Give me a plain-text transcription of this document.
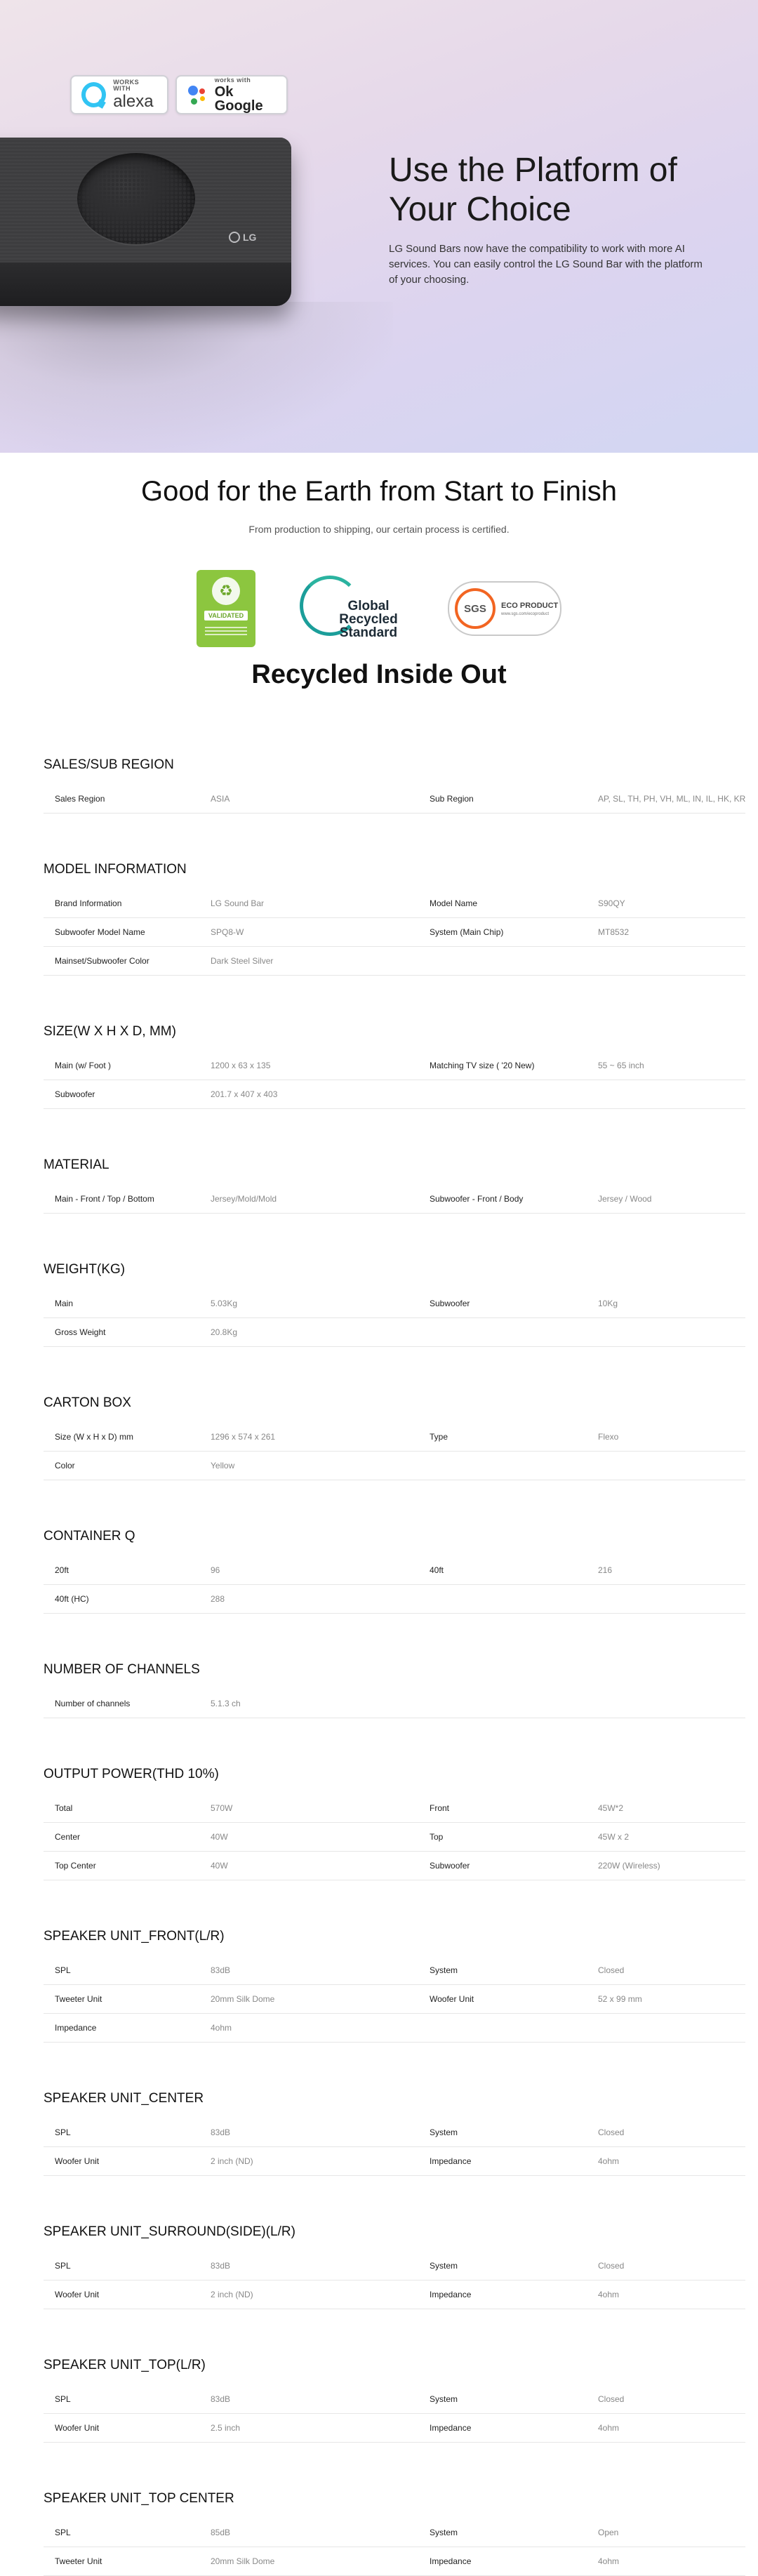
WORKS WITH
alexa
works with
Ok Google
LG
Use the Platform of Your Choice

LG Sound Bars now have the compatibility to work with more AI services. You can easily control the LG Sound Bar with the platform of your choosing.

Good for the Earth from Start to Finish

From production to shipping, our certain process is certified.

♻
VALIDATED
Global Recycled
Standard
SGS	ECO PRODUCT
www.sgs.com/ecoproduct
Recycled Inside Out
SALES/SUB REGION
Sales Region	ASIA	Sub Region	AP, SL, TH, PH, VH, ML, IN, IL, HK, KR
MODEL INFORMATION
Brand Information	LG Sound Bar	Model Name	S90QY
Subwoofer Model Name	SPQ8-W	System (Main Chip)	MT8532
Mainset/Subwoofer Color	Dark Steel Silver
SIZE(W X H X D, MM)
Main (w/ Foot )	1200 x 63 x 135	Matching TV size ( '20 New)	55 ~ 65 inch
Subwoofer	201.7 x 407 x 403
MATERIAL
Main - Front / Top / Bottom	Jersey/Mold/Mold	Subwoofer - Front / Body	Jersey / Wood
WEIGHT(KG)
Main	5.03Kg	Subwoofer	10Kg
Gross Weight	20.8Kg
CARTON BOX
Size (W x H x D) mm	1296 x 574 x 261	Type	Flexo
Color	Yellow
CONTAINER Q
20ft	96	40ft	216
40ft (HC)	288
NUMBER OF CHANNELS
Number of channels	5.1.3 ch
OUTPUT POWER(THD 10%)
Total	570W	Front	45W*2
Center	40W	Top	45W x 2
Top Center	40W	Subwoofer	220W (Wireless)
SPEAKER UNIT_FRONT(L/R)
SPL	83dB	System	Closed
Tweeter Unit	20mm Silk Dome	Woofer Unit	52 x 99 mm
Impedance	4ohm
SPEAKER UNIT_CENTER
SPL	83dB	System	Closed
Woofer Unit	2 inch (ND)	Impedance	4ohm
SPEAKER UNIT_SURROUND(SIDE)(L/R)
SPL	83dB	System	Closed
Woofer Unit	2 inch (ND)	Impedance	4ohm
SPEAKER UNIT_TOP(L/R)
SPL	83dB	System	Closed
Woofer Unit	2.5 inch	Impedance	4ohm
SPEAKER UNIT_TOP CENTER
SPL	85dB	System	Open
Tweeter Unit	20mm Silk Dome	Impedance	4ohm
